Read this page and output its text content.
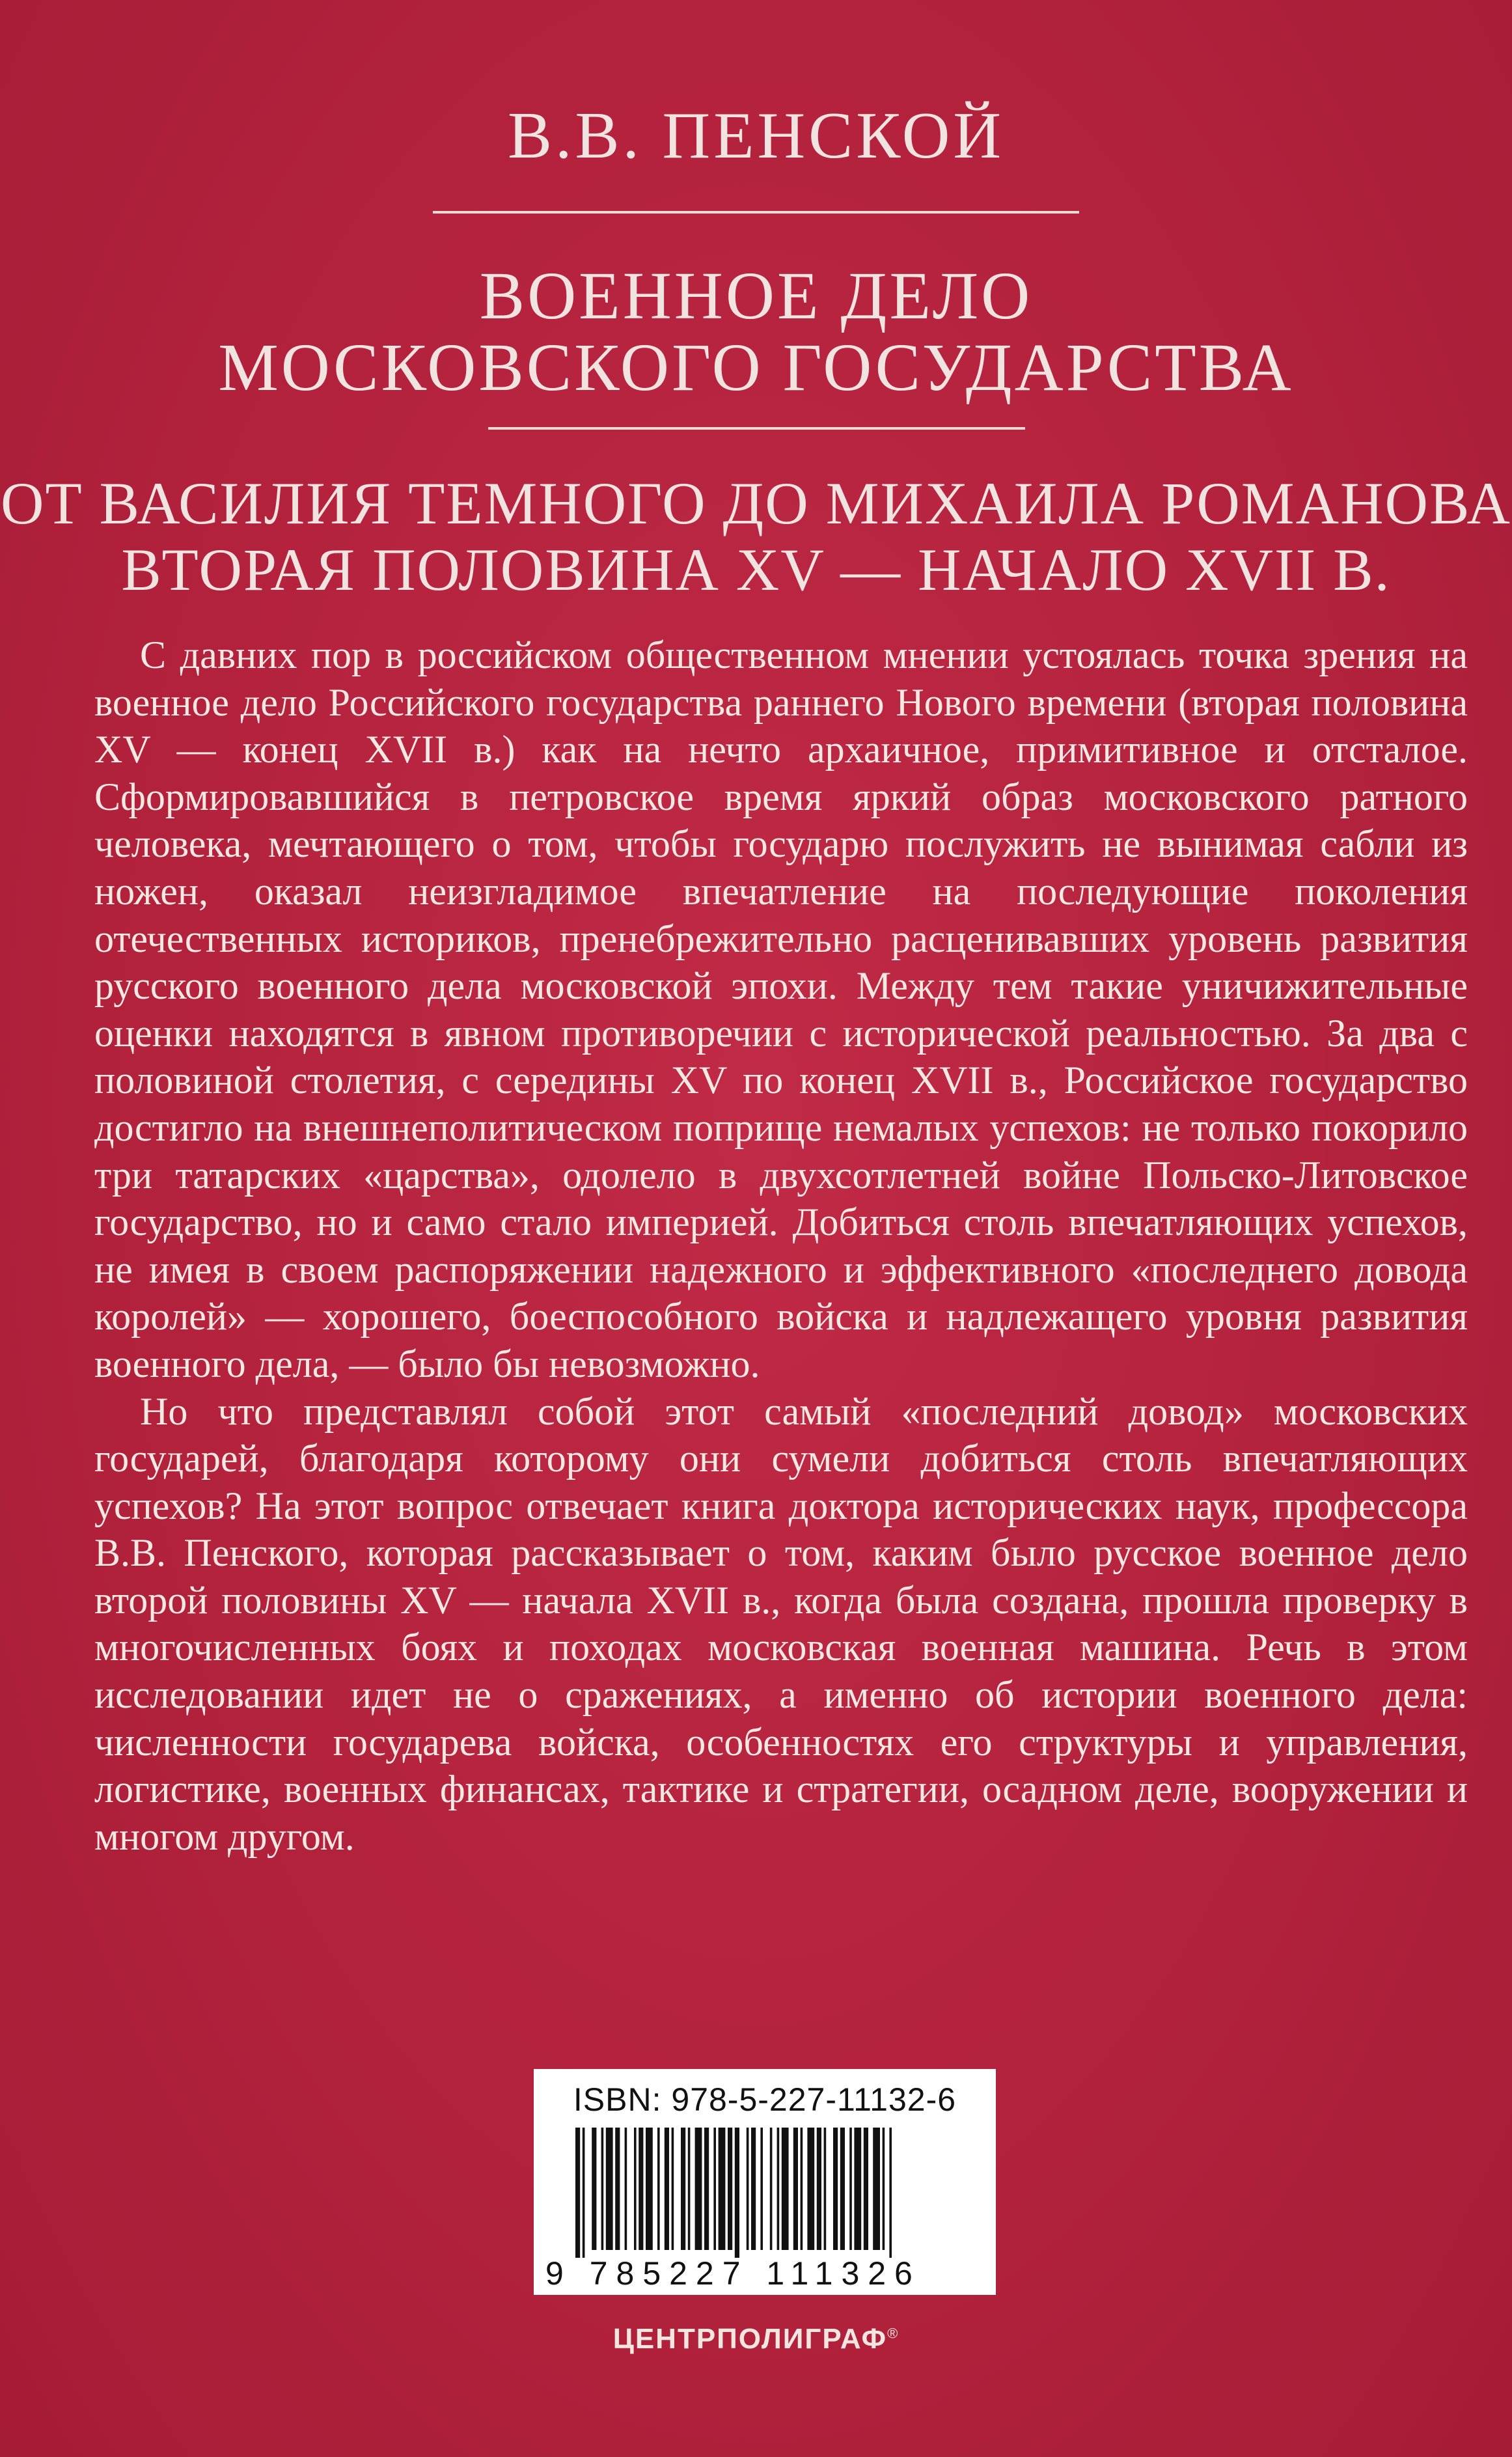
В.В. ПЕНСКОЙ
ВОЕННОЕ ДЕЛО
МОСКОВСКОГО ГОСУДАРСТВА
ОТ ВАСИЛИЯ ТЕМНОГО ДО МИХАИЛА РОМАНОВА
ВТОРАЯ ПОЛОВИНА XV — НАЧАЛО XVII В.

С давних пор в российском общественном мнении устоялась точка зрения на военное дело Российского государства раннего Нового времени (вторая половина XV — конец XVII в.) как на нечто архаичное, примитивное и отсталое. Сформировавшийся в петровское время яркий образ московского ратного человека, мечтающего о том, чтобы государю послужить не вынимая сабли из ножен, оказал неизгладимое впечатление на последующие поколения отечественных историков, пренебрежительно расценивавших уровень развития русского военного дела московской эпохи. Между тем такие уничижительные оценки находятся в явном противоречии с исторической реальностью. За два с половиной столетия, с середины XV по конец XVII в., Российское государство достигло на внешнеполитическом поприще немалых успехов: не только покорило три татарских «царства», одолело в двухсотлетней войне Польско-Литовское государство, но и само стало империей. Добиться столь впечатляющих успехов, не имея в своем распоряжении надежного и эффективного «последнего довода королей» — хорошего, боеспособного войска и надлежащего уровня развития военного дела, — было бы невозможно.

Но что представлял собой этот самый «последний довод» московских государей, благодаря которому они сумели добиться столь впечатляющих успехов? На этот вопрос отвечает книга доктора исторических наук, профессора В.В. Пенского, которая рассказывает о том, каким было русское военное дело второй половины XV — начала XVII в., когда была создана, прошла проверку в многочисленных боях и походах московская военная машина. Речь в этом исследовании идет не о сражениях, а именно об истории военного дела: численности государева войска, особенностях его структуры и управления, логистике, военных финансах, тактике и стратегии, осадном деле, вооружении и многом другом.

ISBN: 978-5-227-11132-6
9 785227 111326
ЦЕНТРПОЛИГРАФ®
